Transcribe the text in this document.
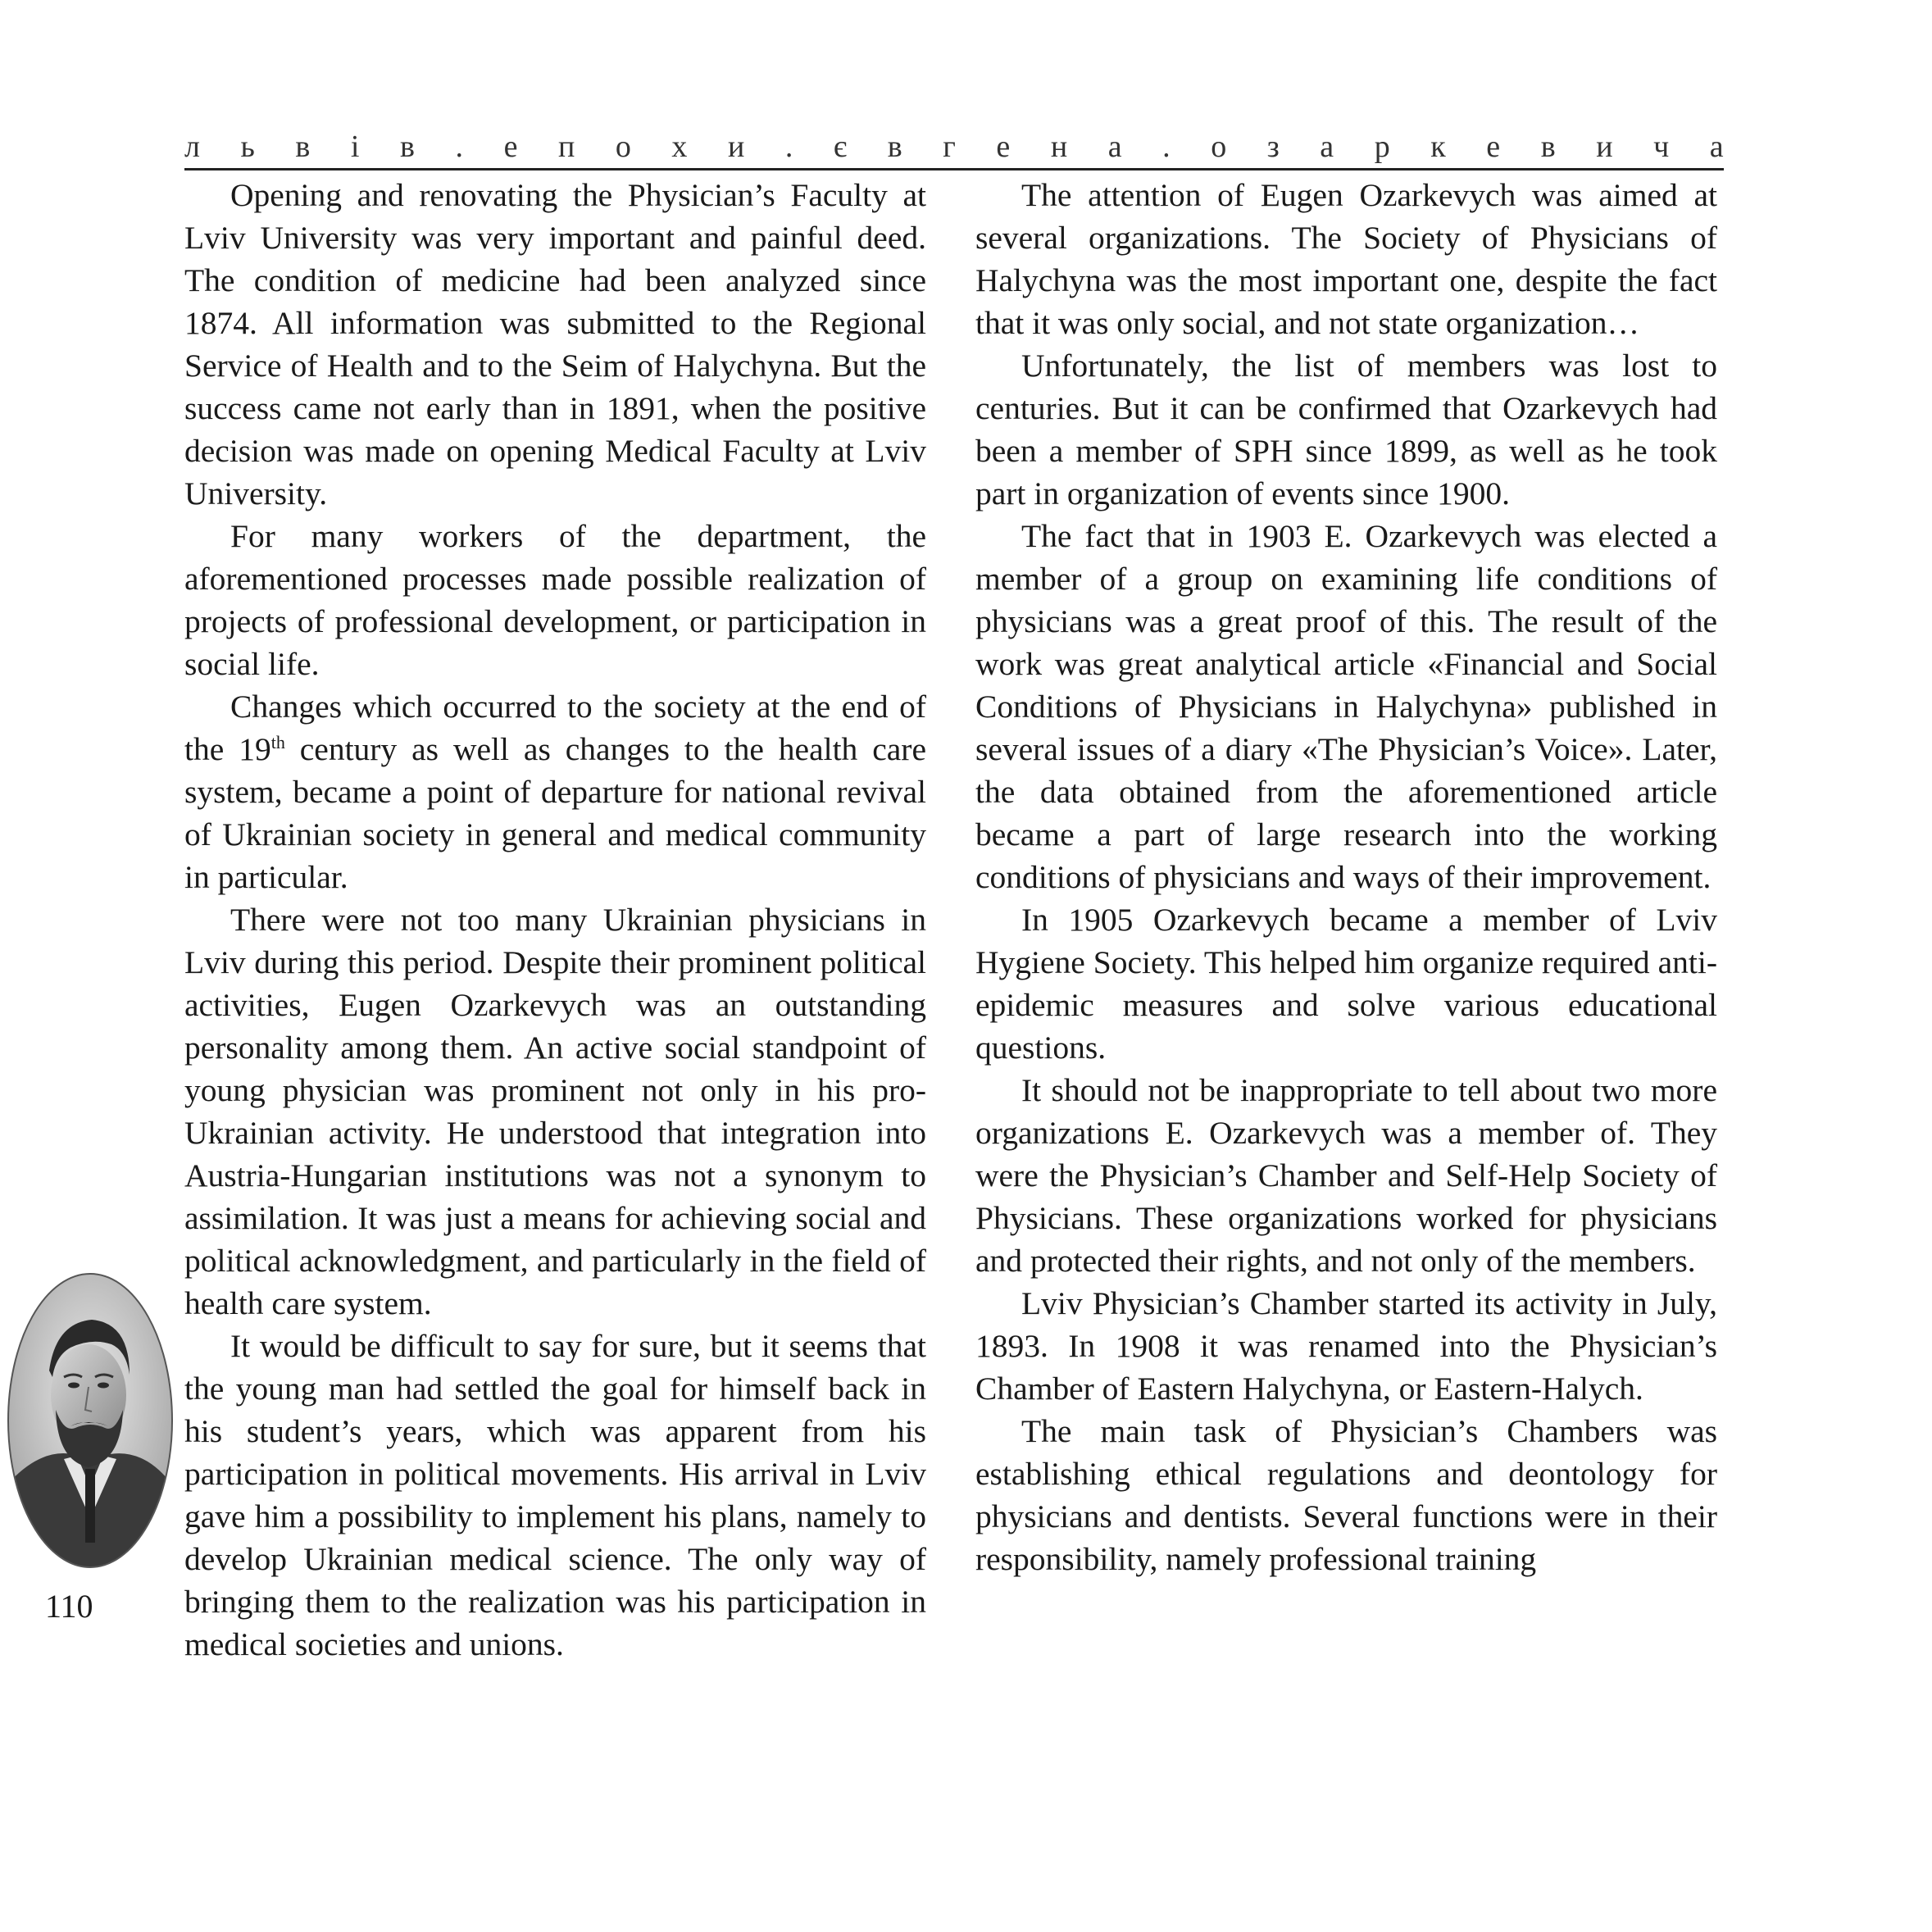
л ь в і в . е п о х и . є в г е н а . о з а р к е в и ч а

Opening and renovating the Physician’s Faculty at Lviv University was very important and painful deed. The condition of medicine had been analyzed since 1874. All information was submitted to the Regional Service of Health and to the Seim of Halychyna. But the success came not early than in 1891, when the positive decision was made on opening Medical Faculty at Lviv University.

For many workers of the department, the aforementioned processes made possible realization of projects of professional development, or participation in social life.

Changes which occurred to the society at the end of the 19th century as well as changes to the health care system, became a point of departure for national revival of Ukrainian society in general and medical community in particular.

There were not too many Ukrainian physicians in Lviv during this period. Despite their prominent political activities, Eugen Ozarkevych was an outstanding personality among them. An active social standpoint of young physician was prominent not only in his pro-Ukrainian activity. He understood that integration into Austria-Hungarian institutions was not a synonym to assimilation. It was just a means for achieving social and political acknowledgment, and particularly in the field of health care system.

It would be difficult to say for sure, but it seems that the young man had settled the goal for himself back in his student’s years, which was apparent from his participation in political movements. His arrival in Lviv gave him a possibility to implement his plans, namely to develop Ukrainian medical science. The only way of bringing them to the realization was his participation in medical societies and unions.

The attention of Eugen Ozarkevych was aimed at several organizations. The Society of Physicians of Halychyna was the most important one, despite the fact that it was only social, and not state organization…

Unfortunately, the list of members was lost to centuries. But it can be confirmed that Ozarkevych had been a member of SPH since 1899, as well as he took part in organization of events since 1900.

The fact that in 1903 E. Ozarkevych was elected a member of a group on examining life conditions of physicians was a great proof of this. The result of the work was great analytical article «Financial and Social Conditions of Physicians in Halychyna» published in several issues of a diary «The Physician’s Voice». Later, the data obtained from the aforementioned article became a part of large research into the working conditions of physicians and ways of their improvement.

In 1905 Ozarkevych became a member of Lviv Hygiene Society. This helped him organize required anti-epidemic measures and solve various educational questions.

It should not be inappropriate to tell about two more organizations E. Ozarkevych was a member of. They were the Physician’s Chamber and Self-Help Society of Physicians. These organizations worked for physicians and protected their rights, and not only of the members.

Lviv Physician’s Chamber started its activity in July, 1893. In 1908 it was renamed into the Physician’s Chamber of Eastern Halychyna, or Eastern-Halych.

The main task of Physician’s Chambers was establishing ethical regulations and deontology for physicians and dentists. Several functions were in their responsibility, namely professional training

110
